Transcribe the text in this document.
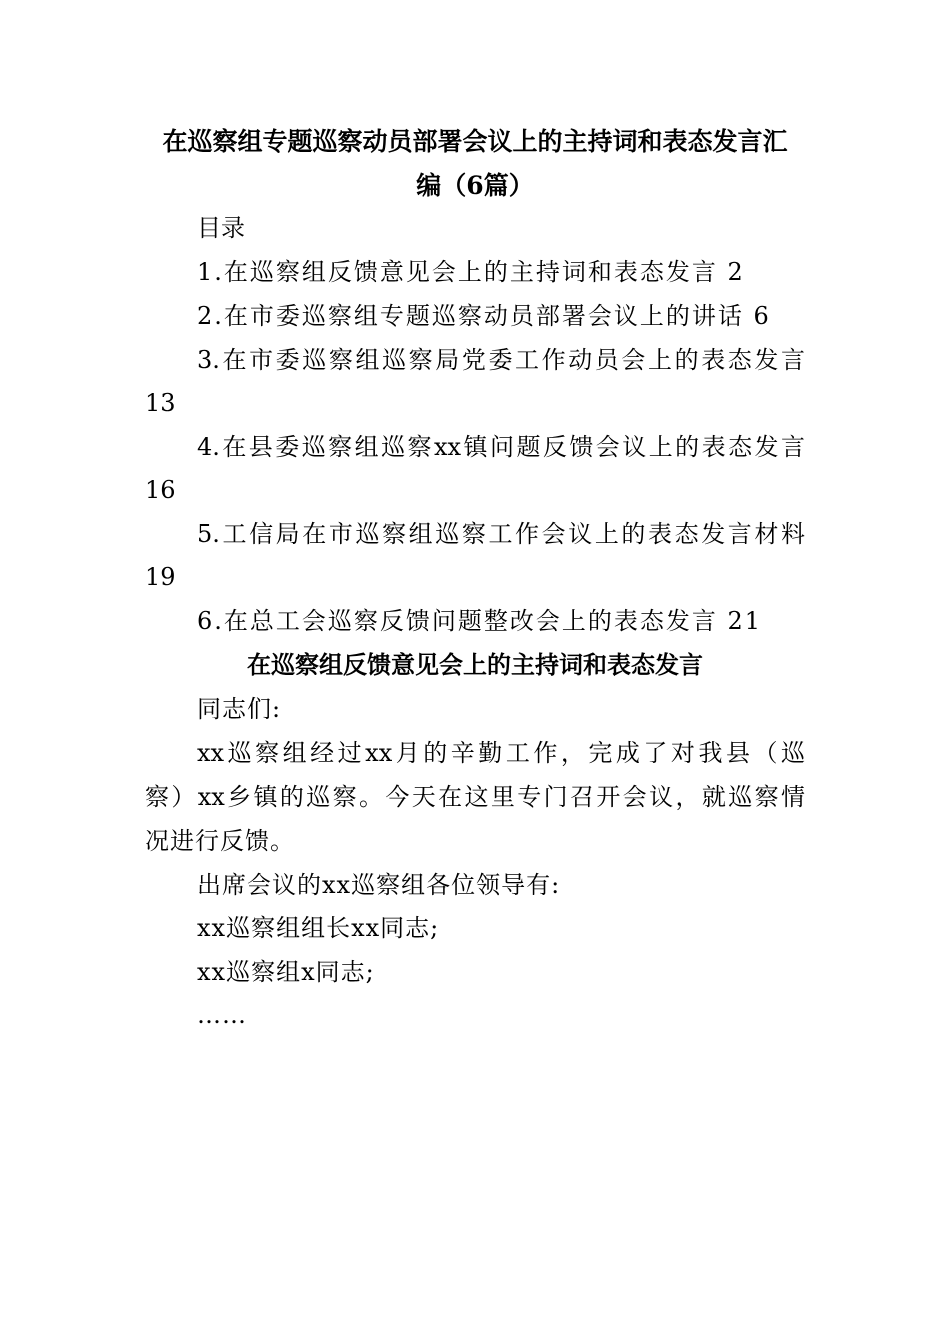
在巡察组专题巡察动员部署会议上的主持词和表态发言汇
编（6篇）
目录
1.在巡察组反馈意见会上的主持词和表态发言 2
2.在市委巡察组专题巡察动员部署会议上的讲话 6
3.在市委巡察组巡察局党委工作动员会上的表态发言
13
4.在县委巡察组巡察xx镇问题反馈会议上的表态发言
16
5.工信局在市巡察组巡察工作会议上的表态发言材料
19
6.在总工会巡察反馈问题整改会上的表态发言 21
在巡察组反馈意见会上的主持词和表态发言
同志们:
xx巡察组经过xx月的辛勤工作，完成了对我县（巡
察）xx乡镇的巡察。今天在这里专门召开会议，就巡察情
况进行反馈。
出席会议的xx巡察组各位领导有:
xx巡察组组长xx同志;
xx巡察组x同志;
……
